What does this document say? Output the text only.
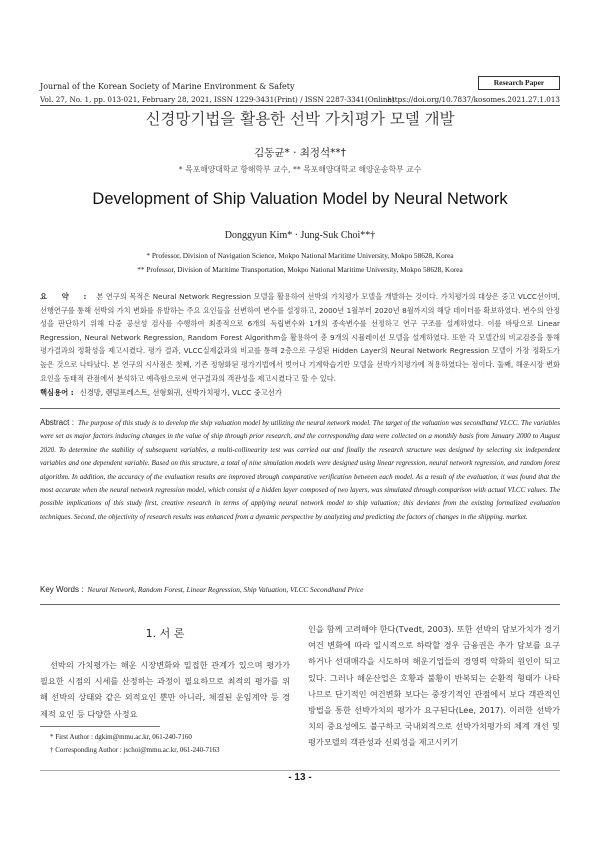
Research Paper
Journal of the Korean Society of Marine Environment & Safety
Vol. 27, No. 1, pp. 013-021, February 28, 2021, ISSN 1229-3431(Print) / ISSN 2287-3341(Online)
https://doi.org/10.7837/kosomes.2021.27.1.013
신경망기법을 활용한 선박 가치평가 모델 개발
김동균* · 최정석**†
* 목포해양대학교 항해학부 교수, ** 목포해양대학교 해양운송학부 교수
Development of Ship Valuation Model by Neural Network
Donggyun Kim* · Jung-Suk Choi**†
* Professor, Division of Navigation Science, Mokpo National Maritime University, Mokpo 58628, Korea
** Professor, Division of Maritime Transportation, Mokpo National Maritime University, Mokpo 58628, Korea
요 약 : 본 연구의 목적은 Neural Network Regression 모델을 활용하여 선박의 가치평가 모델을 개발하는 것이다. 가치평가의 대상은 중고 VLCC선이며, 선행연구를 통해 선박의 가치 변화를 유발하는 주요 요인들을 선변하여 변수를 설정하고, 2000년 1월부터 2020년 8월까지의 해당 데이터를 확보하였다. 변수의 안정성을 판단하기 위해 다중 공선성 검사를 수행하여 최종적으로 6개의 독립변수와 1개의 종속변수를 선정하고 연구 구조를 설계하였다. 이를 바탕으로 Linear Regression, Neural Network Regression, Random Forest Algorithm을 활용하여 총 9개의 시뮬레이션 모델을 설계하였다. 또한 각 모델간의 비교검증을 통해 평가결과의 정확성을 제고시켰다. 평가 결과, VLCC실제값과의 비교를 통해 2층으로 구성된 Hidden Layer의 Neural Network Regression 모델이 가장 정확도가 높은 것으로 나타났다. 본 연구의 시사점은 첫째, 기존 정형화된 평가기법에서 벗어나 기계학습기반 모델을 선박가치평가에 적용하였다는 점이다. 둘째, 해운시장 변화요인을 동태적 관점에서 분석하고 예측함으로써 연구결과의 객관성을 제고시켰다고 할 수 있다.
핵심용어 : 신경망, 랜덤포레스트, 선형회귀, 선박가치평가, VLCC 중고선가
Abstract : The purpose of this study is to develop the ship valuation model by utilizing the neural network model. The target of the valuation was secondhand VLCC. The variables were set as major factors inducing changes in the value of ship through prior research, and the corresponding data were collected on a monthly basis from January 2000 to August 2020. To determine the stability of subsequent variables, a multi-collinearity test was carried out and finally the research structure was designed by selecting six independent variables and one dependent variable. Based on this structure, a total of nine simulation models were designed using linear regression, neural network regression, and random forest algorithm. In addition, the accuracy of the evaluation results are improved through comparative verification between each model. As a result of the evaluation, it was found that the most accurate when the neural network regression model, which consist of a hidden layer composed of two layers, was simulated through comparison with actual VLCC values. The possible implications of this study first, creative research in terms of applying neural network model to ship valuation; this deviates from the existing formalized evaluation techniques. Second, the objectivity of research results was enhanced from a dynamic perspective by analyzing and predicting the factors of changes in the shipping. market.
Key Words : Neural Network, Random Forest, Linear Regression, Ship Valuation, VLCC Secondhand Price
1. 서 론
선박의 가치평가는 해운 시장변화와 밀접한 관계가 있으며 평가가 필요한 시점의 시세를 산정하는 과정이 필요하므로 최적의 평가를 위해 선박의 상태와 같은 외적요인 뿐만 아니라, 체결된 운임계약 등 경제적 요인 등 다양한 사정요
인을 함께 고려해야 한다(Tvedt, 2003). 또한 선박의 담보가치가 경기여건 변화에 따라 일시적으로 하락할 경우 금융권은 추가 담보를 요구하거나 선대매각을 시도하며 해운기업들의 경영력 악화의 원인이 되고 있다. 그러나 해운산업은 호황과 불황이 반복되는 순환적 형태가 나타나므로 단기적인 여건변화 보다는 중장기적인 관점에서 보다 객관적인 방법을 통한 선박가치의 평가가 요구된다(Lee, 2017). 이러한 선박가치의 중요성에도 불구하고 국내외적으로 선박가치평가의 체계 개선 및 평가모델의 객관성과 신뢰성을 제고시키기
* First Author : dgkim@mmu.ac.kr, 061-240-7160
† Corresponding Author : jschoi@mmu.ac.kr, 061-240-7163
- 13 -
